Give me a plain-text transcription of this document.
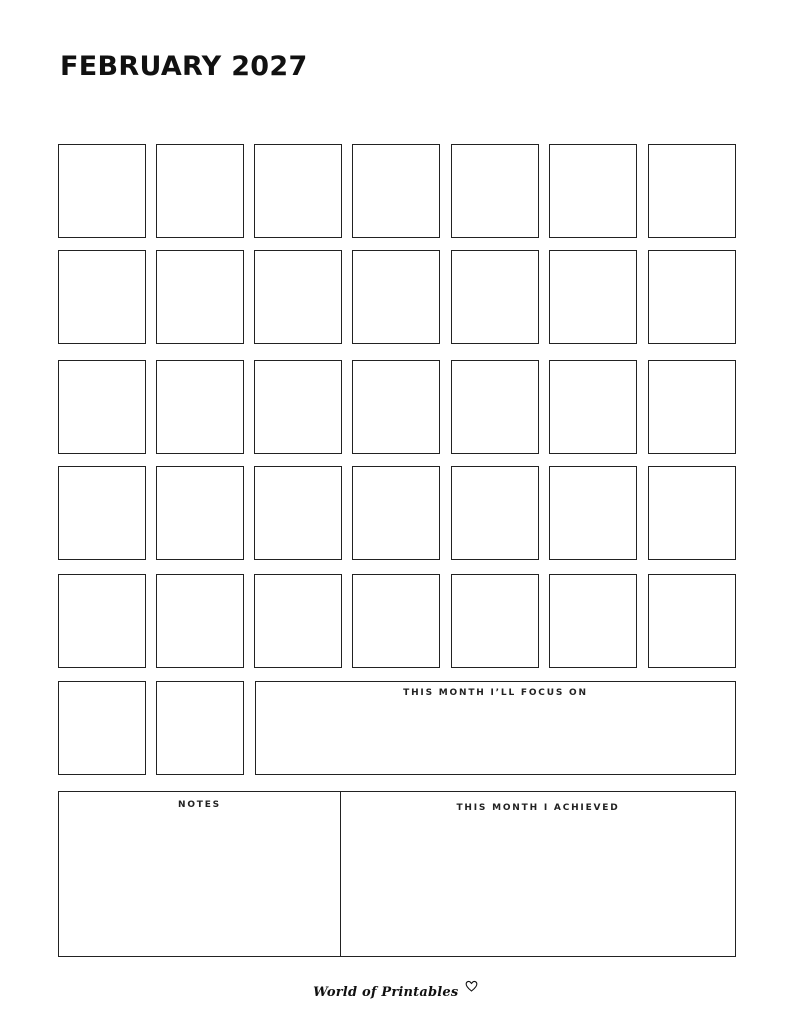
FEBRUARY 2027
THIS MONTH I’LL FOCUS ON
NOTES	THIS MONTH I ACHIEVED
World of Printables
